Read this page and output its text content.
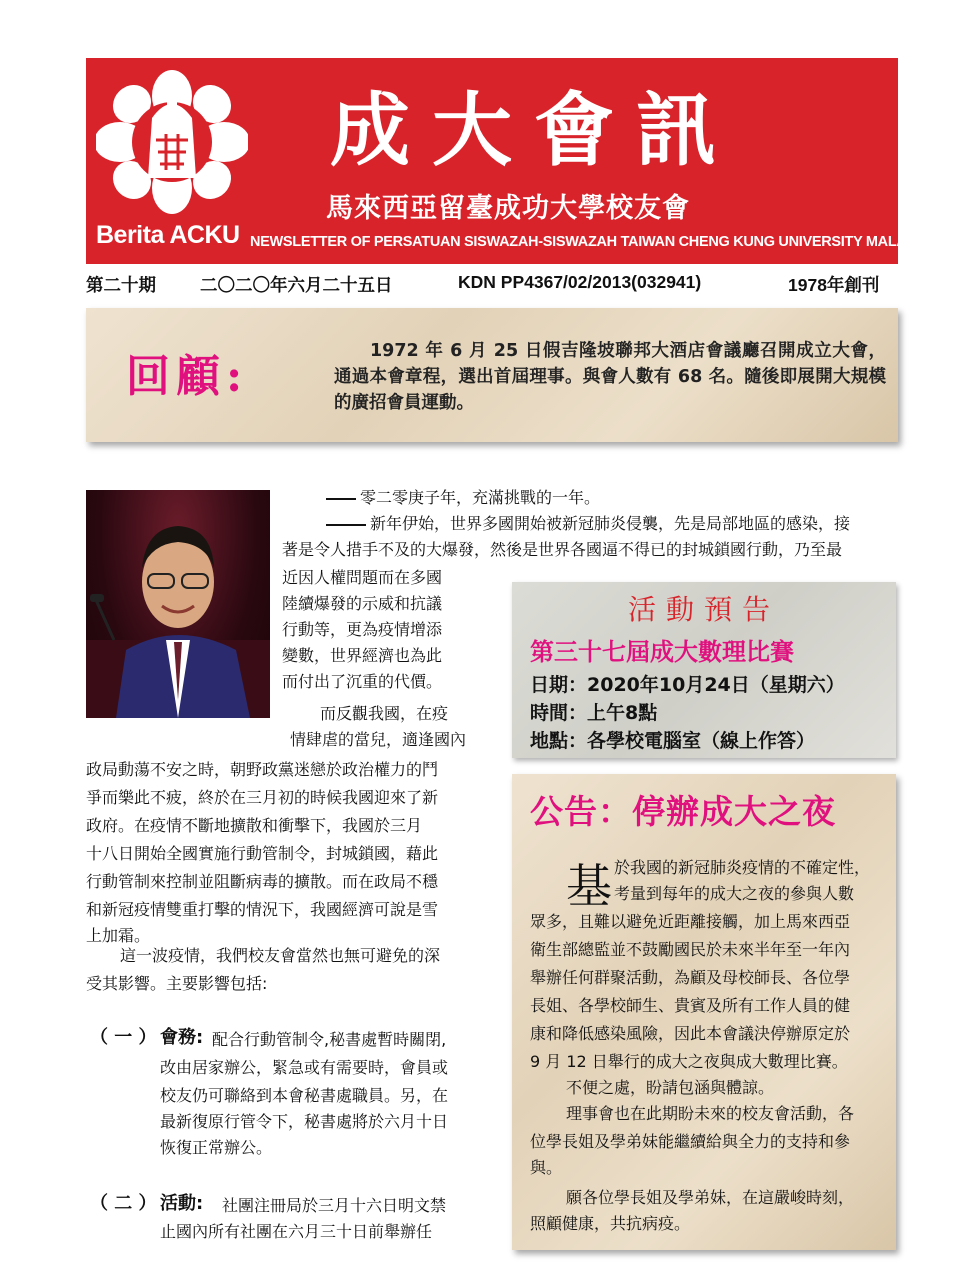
Berita ACKU
成大會訊
馬來西亞留臺成功大學校友會
NEWSLETTER OF PERSATUAN SISWAZAH-SISWAZAH TAIWAN CHENG KUNG UNIVERSITY MALAYSIA
第二十期	二〇二〇年六月二十五日	KDN PP4367/02/2013(032941)	1978年創刊
回顧:	1972 年 6 月 25 日假吉隆坡聯邦大酒店會議廳召開成立大會，通過本會章程，選出首屆理事。與會人數有 68 名。隨後即展開大規模的廣招會員運動。
零二零庚子年，充滿挑戰的一年。
新年伊始，世界多國開始被新冠肺炎侵襲，先是局部地區的感染，接
著是令人措手不及的大爆發，然後是世界各國逼不得已的封城鎖國行動，乃至最
近因人權問題而在多國
陸續爆發的示威和抗議
行動等，更為疫情增添
變數，世界經濟也為此
而付出了沉重的代價。
而反觀我國，在疫
情肆虐的當兒，適逢國內
政局動蕩不安之時，朝野政黨迷戀於政治權力的鬥
爭而樂此不疲，終於在三月初的時候我國迎來了新
政府。在疫情不斷地擴散和衝擊下，我國於三月
十八日開始全國實施行動管制令，封城鎖國，藉此
行動管制來控制並阻斷病毒的擴散。而在政局不穩
和新冠疫情雙重打擊的情況下，我國經濟可說是雪
上加霜。
這一波疫情，我們校友會當然也無可避免的深
受其影響。主要影響包括:
（ 一 ） 會務: 配合行動管制令,秘書處暫時關閉,
改由居家辦公，緊急或有需要時，會員或
校友仍可聯絡到本會秘書處職員。另，在
最新復原行管令下，秘書處將於六月十日
恢復正常辦公。
（ 二 ） 活動: 社團注冊局於三月十六日明文禁
止國內所有社團在六月三十日前舉辦任
活動預告
第三十七屆成大數理比賽
日期：2020年10月24日（星期六）
時間：上午8點
地點：各學校電腦室（線上作答）
公告：停辦成大之夜
基 於我國的新冠肺炎疫情的不確定性，
考量到每年的成大之夜的參與人數
眾多，且難以避免近距離接觸，加上馬來西亞
衛生部總監並不鼓勵國民於未來半年至一年內
舉辦任何群聚活動，為顧及母校師長、各位學
長姐、各學校師生、貴賓及所有工作人員的健
康和降低感染風險，因此本會議決停辦原定於
9 月 12 日舉行的成大之夜與成大數理比賽。
不便之處，盼請包涵與體諒。
理事會也在此期盼未來的校友會活動，各
位學長姐及學弟妹能繼續給與全力的支持和參
與。
願各位學長姐及學弟妹，在這嚴峻時刻，
照顧健康，共抗病疫。
